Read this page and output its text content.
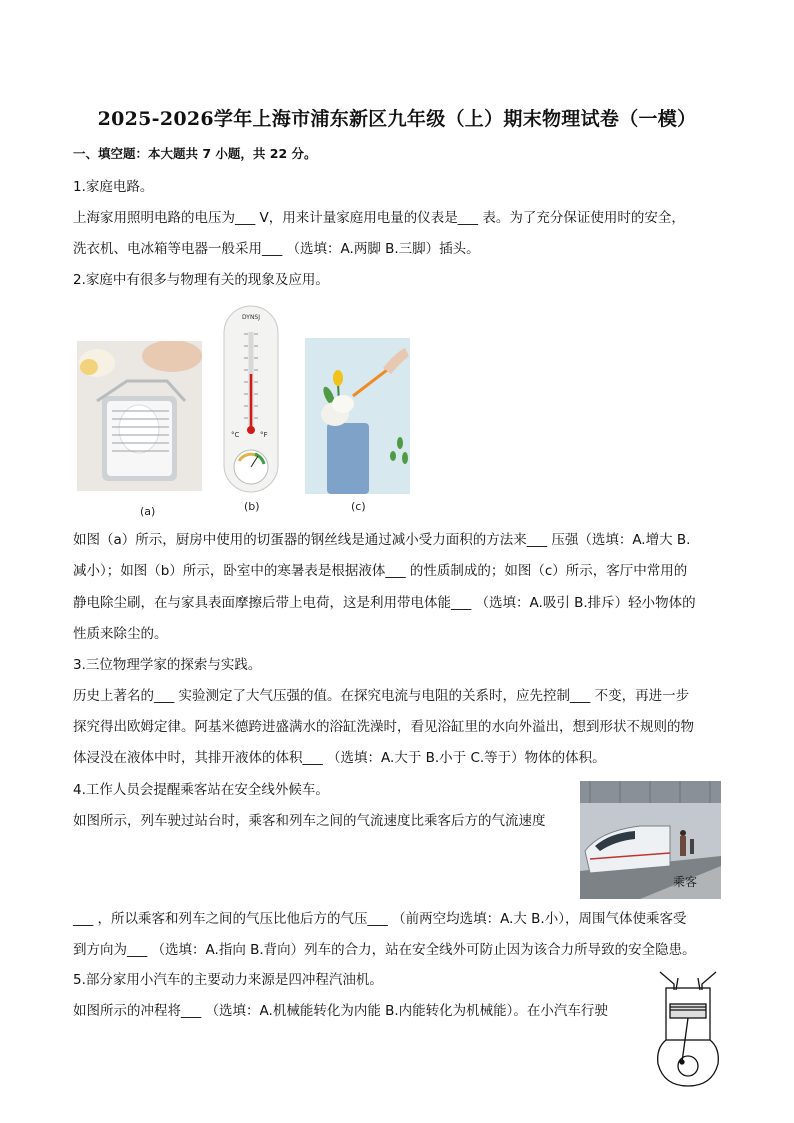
2025-2026学年上海市浦东新区九年级（上）期末物理试卷（一模）
一、填空题：本大题共 7 小题，共 22 分。
1.家庭电路。
上海家用照明电路的电压为___ V，用来计量家庭用电量的仪表是___ 表。为了充分保证使用时的安全，
洗衣机、电冰箱等电器一般采用___ （选填：A.两脚 B.三脚）插头。
2.家庭中有很多与物理有关的现象及应用。
(a)
DYNSJ
°C	°F
(b)	(c)
如图（a）所示，厨房中使用的切蛋器的钢丝线是通过减小受力面积的方法来___ 压强（选填：A.增大 B.
减小）；如图（b）所示，卧室中的寒暑表是根据液体___ 的性质制成的；如图（c）所示，客厅中常用的
静电除尘刷，在与家具表面摩擦后带上电荷，这是利用带电体能___ （选填：A.吸引 B.排斥）轻小物体的
性质来除尘的。
3.三位物理学家的探索与实践。
历史上著名的___ 实验测定了大气压强的值。在探究电流与电阻的关系时，应先控制___ 不变，再进一步
探究得出欧姆定律。阿基米德跨进盛满水的浴缸洗澡时，看见浴缸里的水向外溢出，想到形状不规则的物
体浸没在液体中时，其排开液体的体积___ （选填：A.大于 B.小于 C.等于）物体的体积。
4.工作人员会提醒乘客站在安全线外候车。
如图所示，列车驶过站台时，乘客和列车之间的气流速度比乘客后方的气流速度
乘客
___ ，所以乘客和列车之间的气压比他后方的气压___ （前两空均选填：A.大 B.小），周围气体使乘客受
到方向为___ （选填：A.指向 B.背向）列车的合力，站在安全线外可防止因为该合力所导致的安全隐患。
5.部分家用小汽车的主要动力来源是四冲程汽油机。
如图所示的冲程将___ （选填：A.机械能转化为内能 B.内能转化为机械能）。在小汽车行驶
